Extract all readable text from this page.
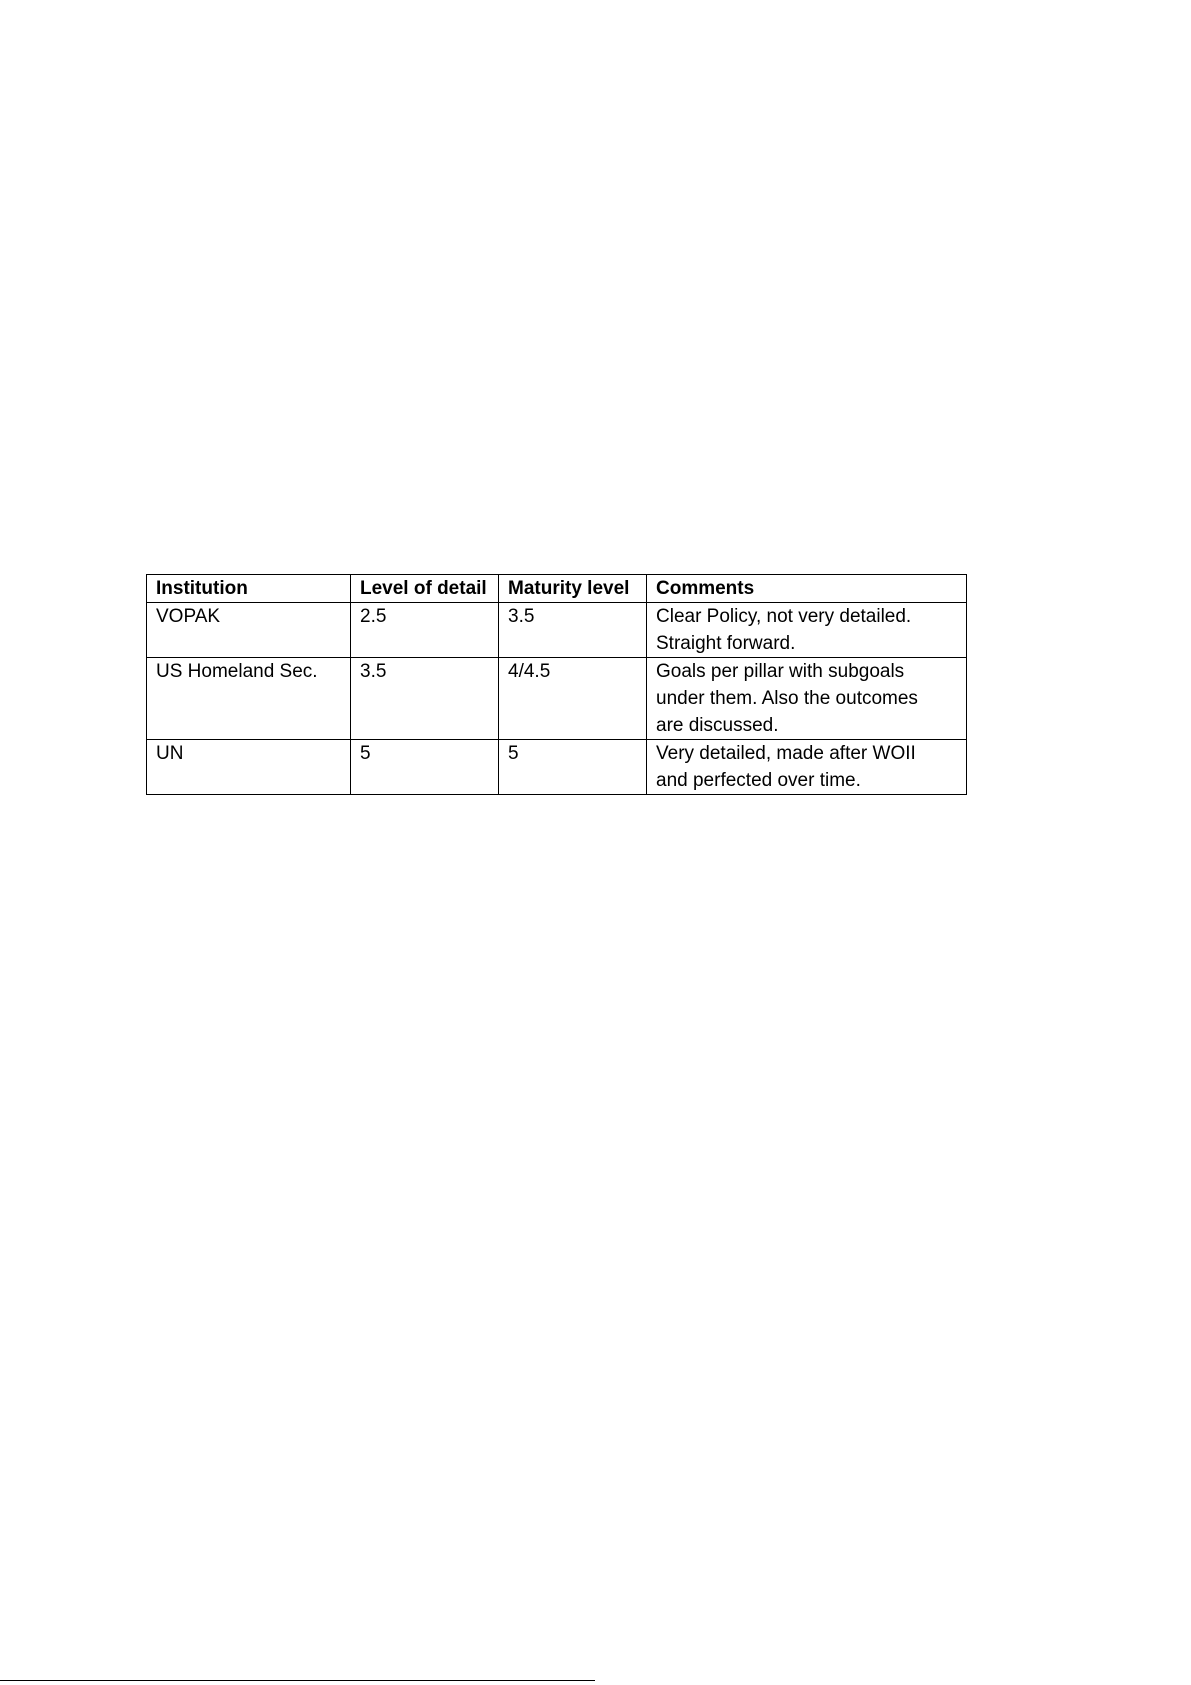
Institution	Level of detail	Maturity level	Comments
VOPAK	2.5	3.5	Clear Policy, not very detailed.
Straight forward.

US Homeland Sec.	3.5	4/4.5	Goals per pillar with subgoals
under them. Also the outcomes
are discussed.

UN	5	5	Very detailed, made after WOII
and perfected over time.
